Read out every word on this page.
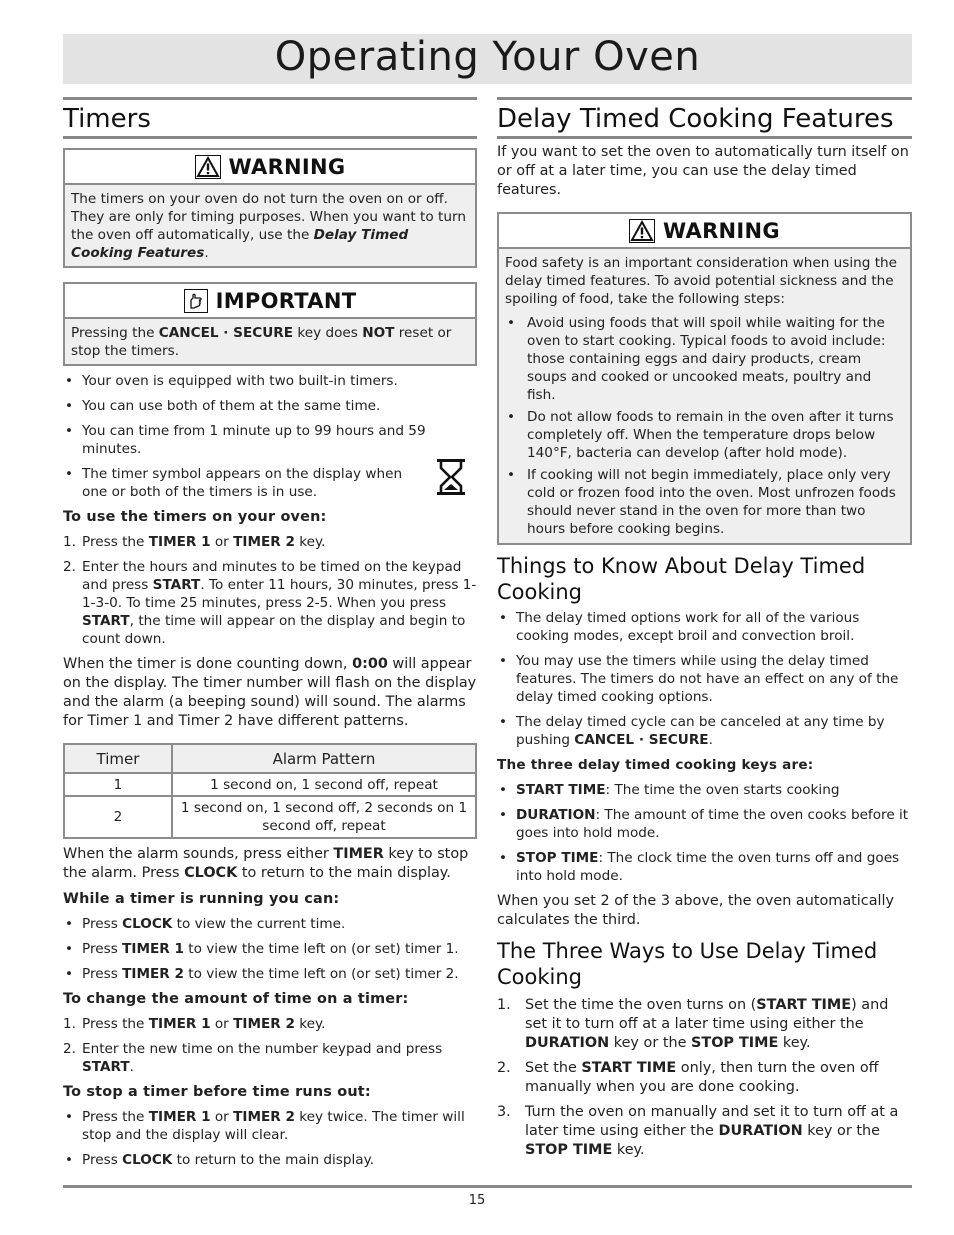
Operating Your Oven
Timers
WARNING
The timers on your oven do not turn the oven on or off. They are only for timing purposes. When you want to turn the oven off automatically, use the Delay Timed Cooking Features.
IMPORTANT
Pressing the CANCEL · SECURE key does NOT reset or stop the timers.
• Your oven is equipped with two built-in timers.
• You can use both of them at the same time.
• You can time from 1 minute up to 99 hours and 59 minutes.
• The timer symbol appears on the display when one or both of the timers is in use.

To use the timers on your oven:

1. Press the TIMER 1 or TIMER 2 key.
2. Enter the hours and minutes to be timed on the keypad and press START. To enter 11 hours, 30 minutes, press 1-1-3-0. To time 25 minutes, press 2-5. When you press START, the time will appear on the display and begin to count down.

When the timer is done counting down, 0:00 will appear on the display. The timer number will flash on the display and the alarm (a beeping sound) will sound. The alarms for Timer 1 and Timer 2 have different patterns.

Timer	Alarm Pattern
1	1 second on, 1 second off, repeat
2	1 second on, 1 second off, 2 seconds on 1 second off, repeat

When the alarm sounds, press either TIMER key to stop the alarm. Press CLOCK to return to the main display.

While a timer is running you can:

• Press CLOCK to view the current time.
• Press TIMER 1 to view the time left on (or set) timer 1.
• Press TIMER 2 to view the time left on (or set) timer 2.

To change the amount of time on a timer:

1. Press the TIMER 1 or TIMER 2 key.
2. Enter the new time on the number keypad and press START.

To stop a timer before time runs out:

• Press the TIMER 1 or TIMER 2 key twice. The timer will stop and the display will clear.
• Press CLOCK to return to the main display.
Delay Timed Cooking Features

If you want to set the oven to automatically turn itself on or off at a later time, you can use the delay timed features.

WARNING

Food safety is an important consideration when using the delay timed features. To avoid potential sickness and the spoiling of food, take the following steps:

• Avoid using foods that will spoil while waiting for the oven to start cooking. Typical foods to avoid include: those containing eggs and dairy products, cream soups and cooked or uncooked meats, poultry and fish.
• Do not allow foods to remain in the oven after it turns completely off. When the temperature drops below 140°F, bacteria can develop (after hold mode).
• If cooking will not begin immediately, place only very cold or frozen food into the oven. Most unfrozen foods should never stand in the oven for more than two hours before cooking begins.
Things to Know About Delay Timed Cooking
• The delay timed options work for all of the various cooking modes, except broil and convection broil.
• You may use the timers while using the delay timed features. The timers do not have an effect on any of the delay timed cooking options.
• The delay timed cycle can be canceled at any time by pushing CANCEL · SECURE.

The three delay timed cooking keys are:

• START TIME: The time the oven starts cooking
• DURATION: The amount of time the oven cooks before it goes into hold mode.
• STOP TIME: The clock time the oven turns off and goes into hold mode.

When you set 2 of the 3 above, the oven automatically calculates the third.

The Three Ways to Use Delay Timed Cooking
1. Set the time the oven turns on (START TIME) and set it to turn off at a later time using either the DURATION key or the STOP TIME key.
2. Set the START TIME only, then turn the oven off manually when you are done cooking.
3. Turn the oven on manually and set it to turn off at a later time using either the DURATION key or the STOP TIME key.
15
